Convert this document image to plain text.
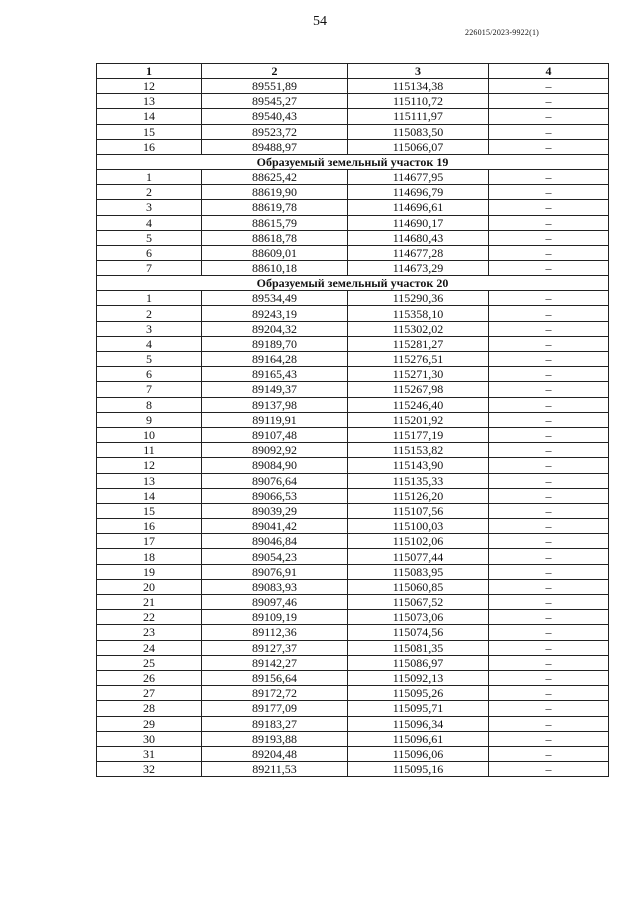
54
226015/2023-9922(1)
1	2	3	4
12	89551,89	115134,38	–
13	89545,27	115110,72	–
14	89540,43	115111,97	–
15	89523,72	115083,50	–
16	89488,97	115066,07	–
Образуемый земельный участок 19			
1	88625,42	114677,95	–
2	88619,90	114696,79	–
3	88619,78	114696,61	–
4	88615,79	114690,17	–
5	88618,78	114680,43	–
6	88609,01	114677,28	–
7	88610,18	114673,29	–
Образуемый земельный участок 20			
1	89534,49	115290,36	–
2	89243,19	115358,10	–
3	89204,32	115302,02	–
4	89189,70	115281,27	–
5	89164,28	115276,51	–
6	89165,43	115271,30	–
7	89149,37	115267,98	–
8	89137,98	115246,40	–
9	89119,91	115201,92	–
10	89107,48	115177,19	–
11	89092,92	115153,82	–
12	89084,90	115143,90	–
13	89076,64	115135,33	–
14	89066,53	115126,20	–
15	89039,29	115107,56	–
16	89041,42	115100,03	–
17	89046,84	115102,06	–
18	89054,23	115077,44	–
19	89076,91	115083,95	–
20	89083,93	115060,85	–
21	89097,46	115067,52	–
22	89109,19	115073,06	–
23	89112,36	115074,56	–
24	89127,37	115081,35	–
25	89142,27	115086,97	–
26	89156,64	115092,13	–
27	89172,72	115095,26	–
28	89177,09	115095,71	–
29	89183,27	115096,34	–
30	89193,88	115096,61	–
31	89204,48	115096,06	–
32	89211,53	115095,16	–
